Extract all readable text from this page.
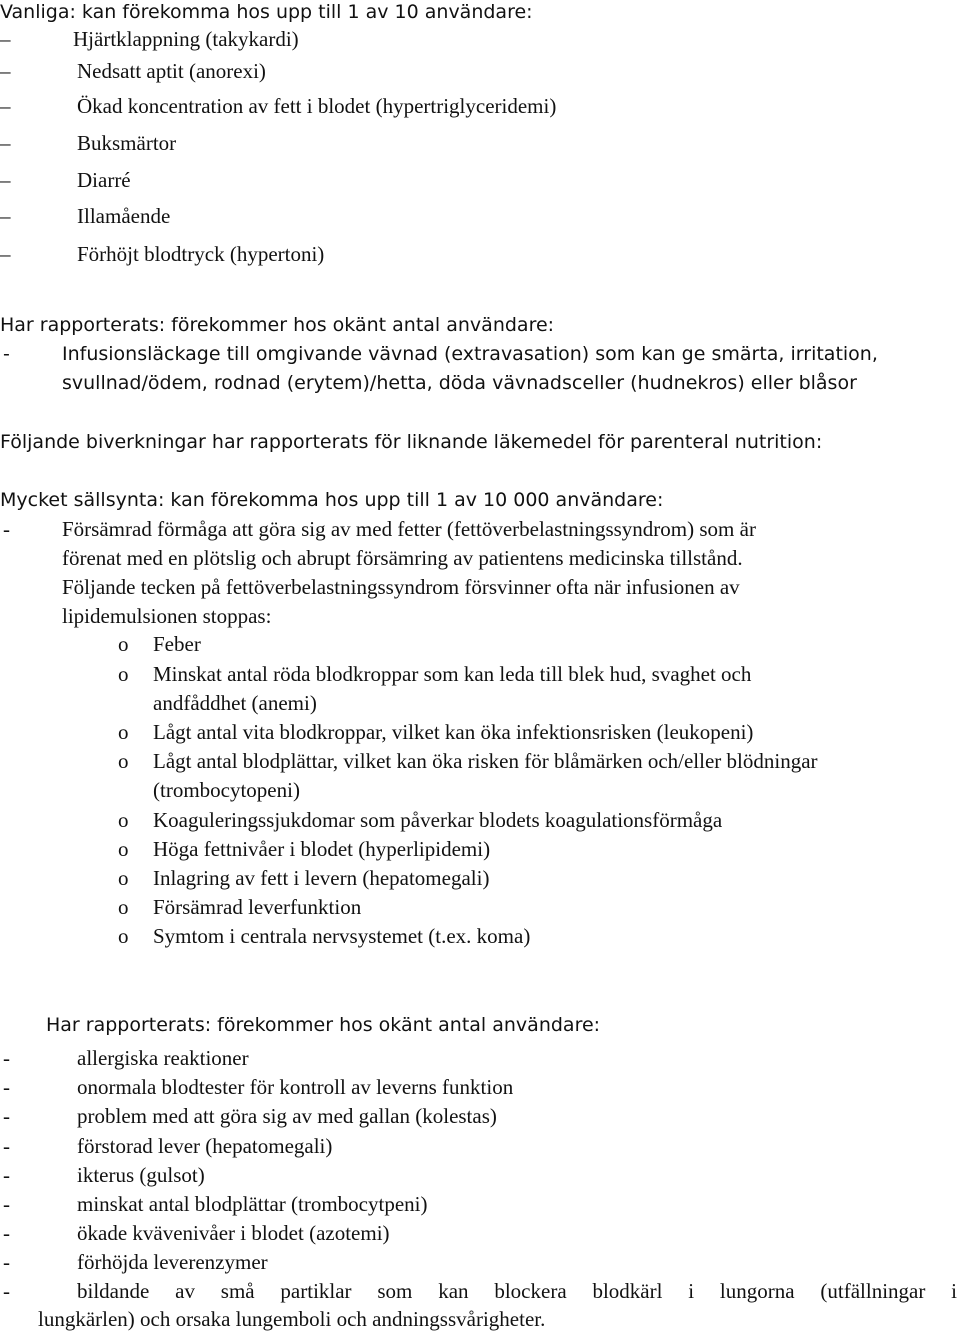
Vanliga: kan förekomma hos upp till 1 av 10 användare:
–	Hjärtklappning (takykardi)
–	Nedsatt aptit (anorexi)
–	Ökad koncentration av fett i blodet (hypertriglyceridemi)
–	Buksmärtor
–	Diarré
–	Illamående
–	Förhöjt blodtryck (hypertoni)
Har rapporterats: förekommer hos okänt antal användare:
-	Infusionsläckage till omgivande vävnad (extravasation) som kan ge smärta, irritation,
svullnad/ödem, rodnad (erytem)/hetta, döda vävnadsceller (hudnekros) eller blåsor
Följande biverkningar har rapporterats för liknande läkemedel för parenteral nutrition:
Mycket sällsynta: kan förekomma hos upp till 1 av 10 000 användare:
- Försämrad förmåga att göra sig av med fetter (fettöverbelastningssyndrom) som är
förenat med en plötslig och abrupt försämring av patientens medicinska tillstånd.
Följande tecken på fettöverbelastningssyndrom försvinner ofta när infusionen av
lipidemulsionen stoppas:
o Feber
o Minskat antal röda blodkroppar som kan leda till blek hud, svaghet och
andfåddhet (anemi)
o Lågt antal vita blodkroppar, vilket kan öka infektionsrisken (leukopeni)
o Lågt antal blodplättar, vilket kan öka risken för blåmärken och/eller blödningar
(trombocytopeni)
o Koaguleringssjukdomar som påverkar blodets koagulationsförmåga
o Höga fettnivåer i blodet (hyperlipidemi)
o Inlagring av fett i levern (hepatomegali)
o Försämrad leverfunktion
o Symtom i centrala nervsystemet (t.ex. koma)
Har rapporterats: förekommer hos okänt antal användare:
-	allergiska reaktioner
-	onormala blodtester för kontroll av leverns funktion
-	problem med att göra sig av med gallan (kolestas)
-	förstorad lever (hepatomegali)
-	ikterus (gulsot)
-	minskat antal blodplättar (trombocytpeni)
-	ökade kvävenivåer i blodet (azotemi)
-	förhöjda leverenzymer
-	bildande av små partiklar som kan blockera blodkärl i lungorna (utfällningar i
lungkärlen) och orsaka lungemboli och andningssvårigheter.
